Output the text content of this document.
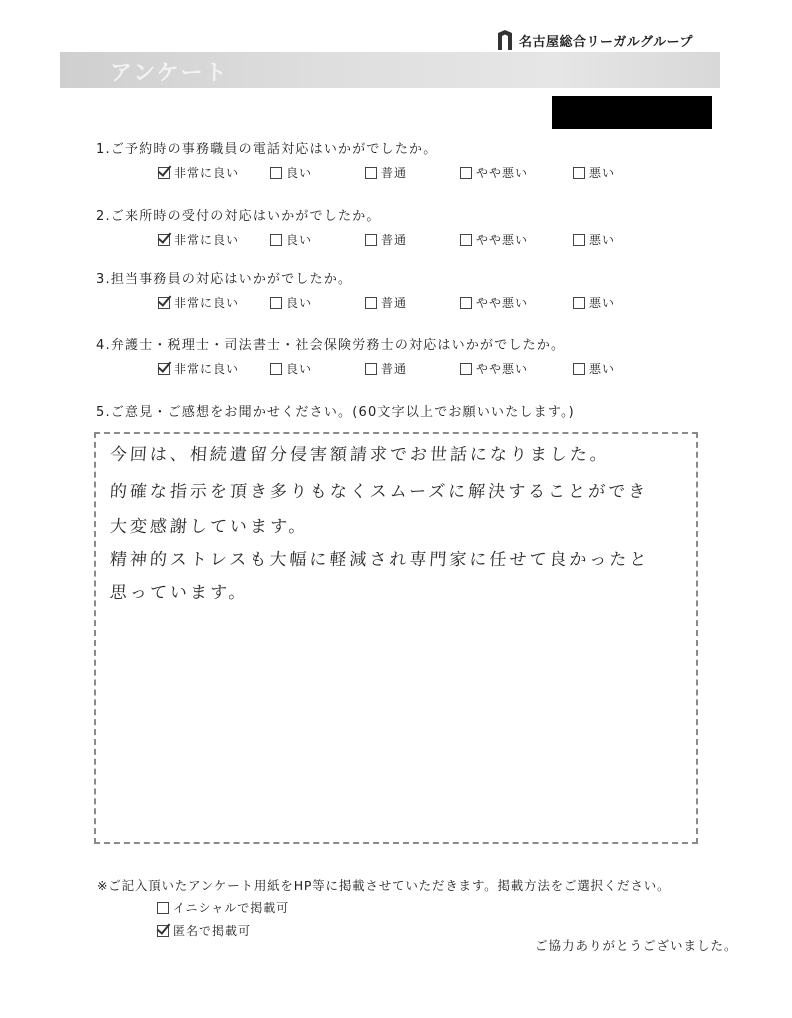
名古屋総合リーガルグループ
アンケート
1.ご予約時の事務職員の電話対応はいかがでしたか。
非常に良い	良い	普通	やや悪い	悪い
2.ご来所時の受付の対応はいかがでしたか。
非常に良い	良い	普通	やや悪い	悪い
3.担当事務員の対応はいかがでしたか。
非常に良い	良い	普通	やや悪い	悪い
4.弁護士・税理士・司法書士・社会保険労務士の対応はいかがでしたか。
非常に良い	良い	普通	やや悪い	悪い
5.ご意見・ご感想をお聞かせください。(60文字以上でお願いいたします。)
今回は、相続遺留分侵害額請求でお世話になりました。
的確な指示を頂き多りもなくスムーズに解決することができ
大変感謝しています。
精神的ストレスも大幅に軽減され専門家に任せて良かったと
思っています。
※ご記入頂いたアンケート用紙をHP等に掲載させていただきます。掲載方法をご選択ください。
イニシャルで掲載可
匿名で掲載可
ご協力ありがとうございました。
